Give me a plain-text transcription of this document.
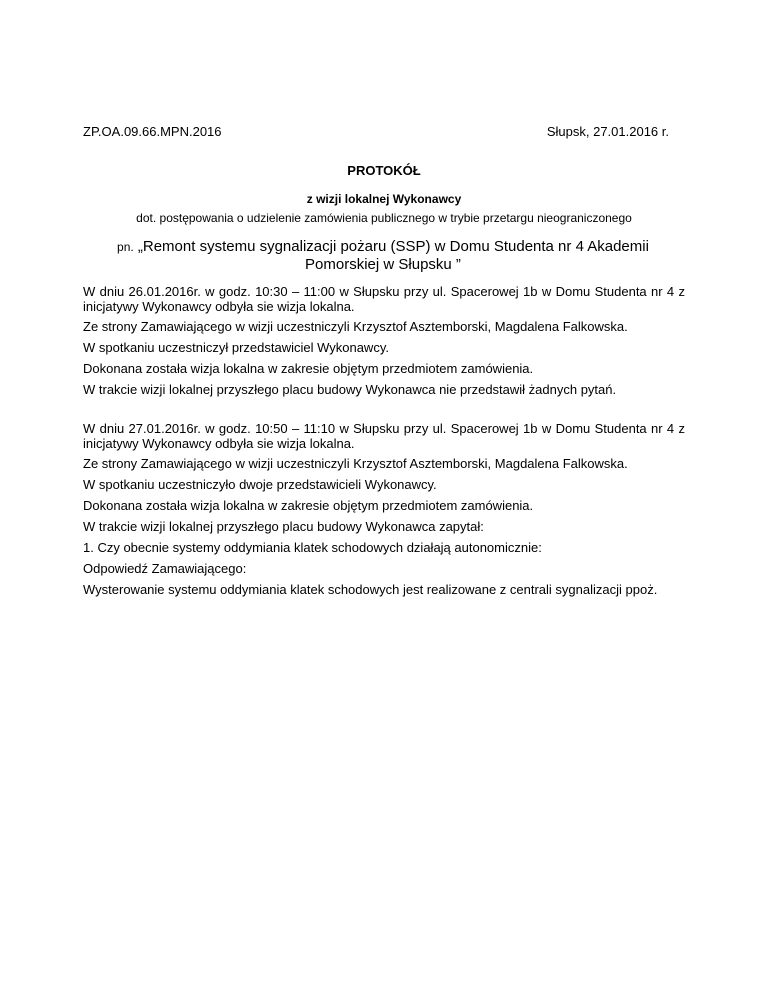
ZP.OA.09.66.MPN.2016	Słupsk, 27.01.2016 r.
PROTOKÓŁ
z wizji lokalnej Wykonawcy
dot. postępowania o udzielenie zamówienia publicznego w trybie przetargu nieograniczonego
pn. „Remont systemu sygnalizacji pożaru (SSP) w Domu Studenta nr 4 Akademii Pomorskiej w Słupsku ”

W dniu 26.01.2016r. w godz. 10:30 – 11:00 w Słupsku przy ul. Spacerowej 1b w Domu Studenta nr 4 z inicjatywy Wykonawcy odbyła sie wizja lokalna.

Ze strony Zamawiającego w wizji uczestniczyli Krzysztof Asztemborski, Magdalena Falkowska.

W spotkaniu uczestniczył przedstawiciel Wykonawcy.

Dokonana została wizja lokalna w zakresie objętym przedmiotem zamówienia.

W trakcie wizji lokalnej przyszłego placu budowy Wykonawca nie przedstawił żadnych pytań.

W dniu 27.01.2016r. w godz. 10:50 – 11:10 w Słupsku przy ul. Spacerowej 1b w Domu Studenta nr 4 z inicjatywy Wykonawcy odbyła sie wizja lokalna.

Ze strony Zamawiającego w wizji uczestniczyli Krzysztof Asztemborski, Magdalena Falkowska.

W spotkaniu uczestniczyło dwoje przedstawicieli Wykonawcy.

Dokonana została wizja lokalna w zakresie objętym przedmiotem zamówienia.

W trakcie wizji lokalnej przyszłego placu budowy Wykonawca zapytał:

1. Czy obecnie systemy oddymiania klatek schodowych działają autonomicznie:

Odpowiedź Zamawiającego:

Wysterowanie systemu oddymiania klatek schodowych jest realizowane z centrali sygnalizacji ppoż.
